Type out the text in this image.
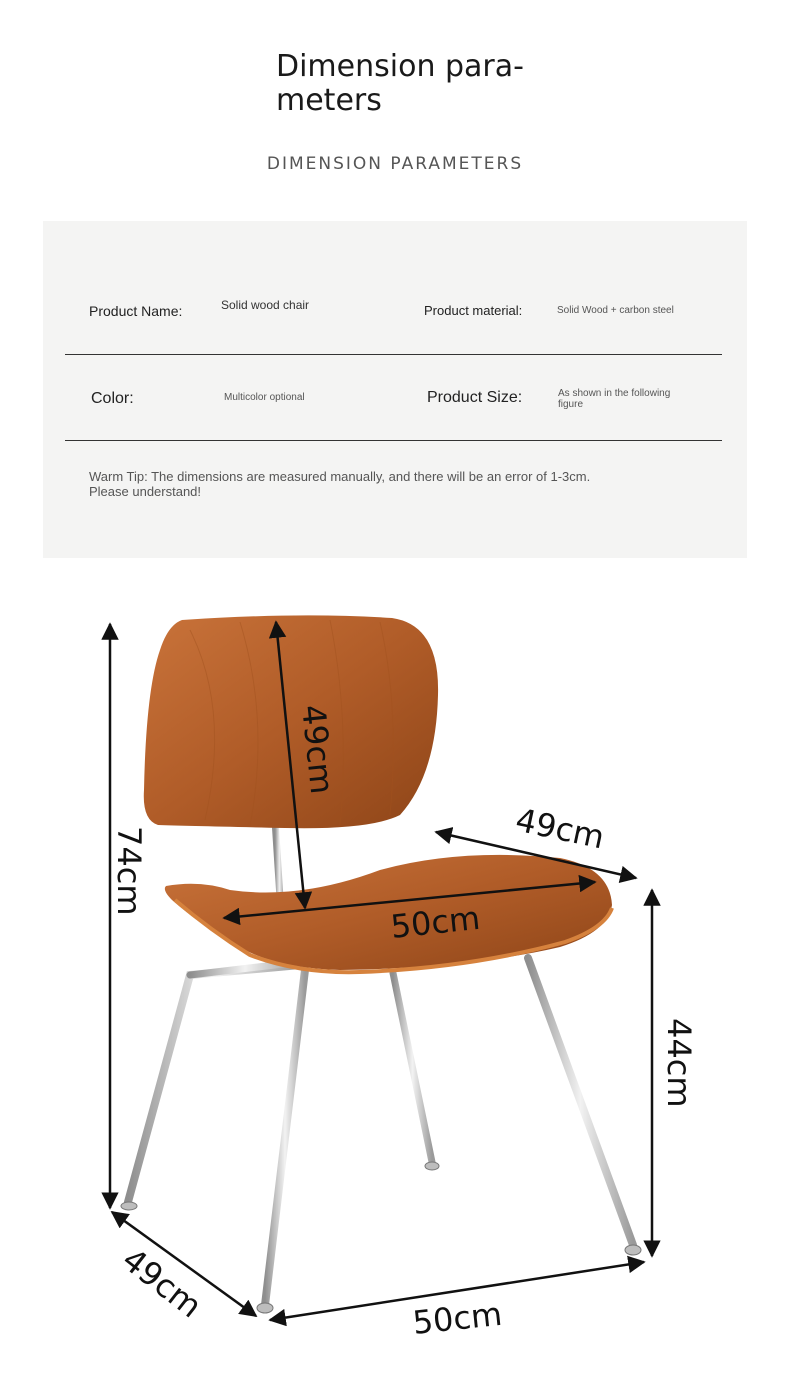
Dimension para-
meters
DIMENSION PARAMETERS
Product Name:	Solid wood chair	Product material:	Solid Wood + carbon steel
Color:	Multicolor optional	Product Size:	As shown in the following figure
Warm Tip: The dimensions are measured manually, and there will be an error of 1-3cm. Please understand!
74cm
49cm
49cm
50cm
44cm
49cm	50cm
